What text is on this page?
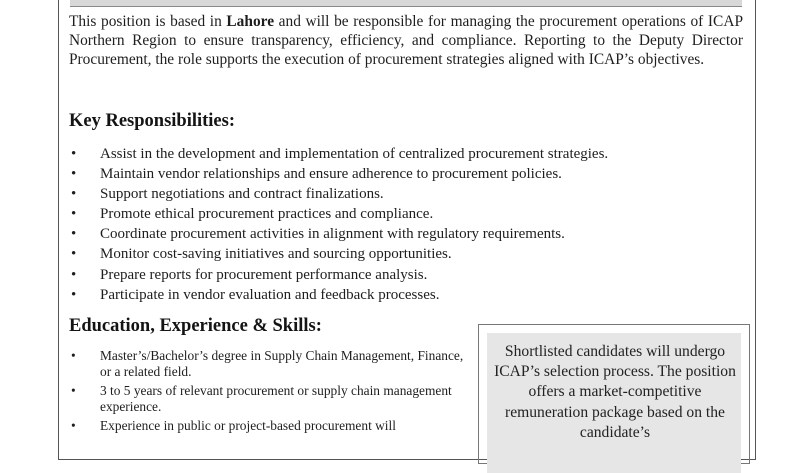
This position is based in Lahore and will be responsible for managing the procurement operations of ICAP Northern Region to ensure transparency, efficiency, and compliance. Reporting to the Deputy Director Procurement, the role supports the execution of procurement strategies aligned with ICAP’s objectives.

Key Responsibilities:
• Assist in the development and implementation of centralized procurement strategies.
• Maintain vendor relationships and ensure adherence to procurement policies.
• Support negotiations and contract finalizations.
• Promote ethical procurement practices and compliance.
• Coordinate procurement activities in alignment with regulatory requirements.
• Monitor cost-saving initiatives and sourcing opportunities.
• Prepare reports for procurement performance analysis.
• Participate in vendor evaluation and feedback processes.
Education, Experience & Skills:
• Master’s/Bachelor’s degree in Supply Chain Management, Finance, or a related field.
• 3 to 5 years of relevant procurement or supply chain management experience.
• Experience in public or project-based procurement will

Shortlisted candidates will undergo ICAP’s selection process. The position offers a market-competitive remuneration package based on the candidate’s
